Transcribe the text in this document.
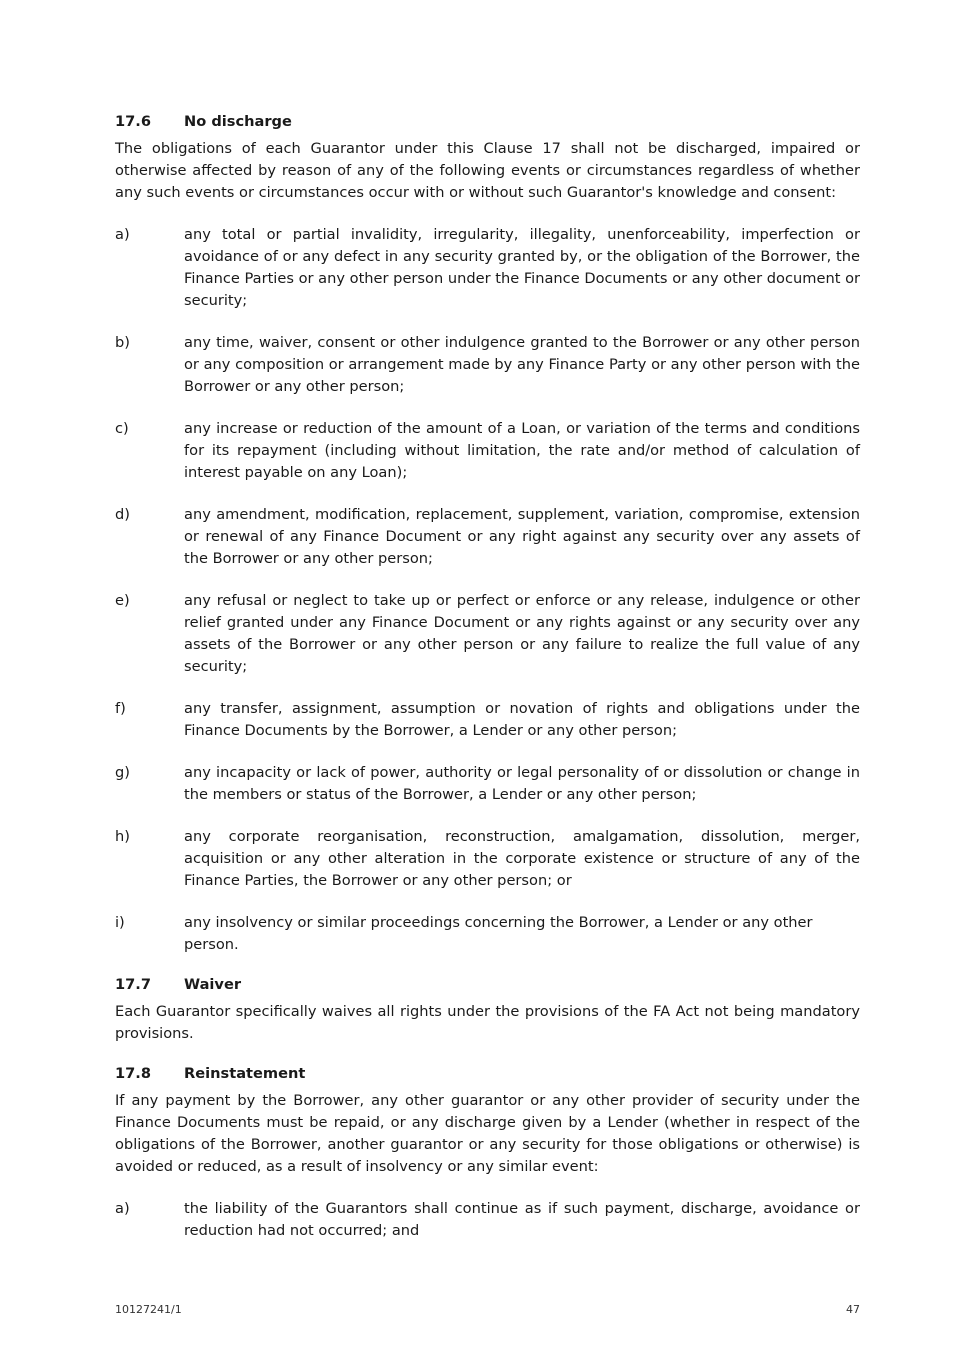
17.6	No discharge

The obligations of each Guarantor under this Clause 17 shall not be discharged, impaired or otherwise affected by reason of any of the following events or circumstances regardless of whether any such events or circumstances occur with or without such Guarantor's knowledge and consent:

a)	any total or partial invalidity, irregularity, illegality, unenforceability, imperfection or avoidance of or any defect in any security granted by, or the obligation of the Borrower, the Finance Parties or any other person under the Finance Documents or any other document or security;
b)	any time, waiver, consent or other indulgence granted to the Borrower or any other person or any composition or arrangement made by any Finance Party or any other person with the Borrower or any other person;
c)	any increase or reduction of the amount of a Loan, or variation of the terms and conditions for its repayment (including without limitation, the rate and/or method of calculation of interest payable on any Loan);
d)	any amendment, modification, replacement, supplement, variation, compromise, extension or renewal of any Finance Document or any right against any security over any assets of the Borrower or any other person;
e)	any refusal or neglect to take up or perfect or enforce or any release, indulgence or other relief granted under any Finance Document or any rights against or any security over any assets of the Borrower or any other person or any failure to realize the full value of any security;
f)	any transfer, assignment, assumption or novation of rights and obligations under the Finance Documents by the Borrower, a Lender or any other person;
g)	any incapacity or lack of power, authority or legal personality of or dissolution or change in the members or status of the Borrower, a Lender or any other person;
h)	any corporate reorganisation, reconstruction, amalgamation, dissolution, merger, acquisition or any other alteration in the corporate existence or structure of any of the Finance Parties, the Borrower or any other person; or
i)	any insolvency or similar proceedings concerning the Borrower, a Lender or any other person.
17.7	Waiver

Each Guarantor specifically waives all rights under the provisions of the FA Act not being mandatory provisions.

17.8	Reinstatement

If any payment by the Borrower, any other guarantor or any other provider of security under the Finance Documents must be repaid, or any discharge given by a Lender (whether in respect of the obligations of the Borrower, another guarantor or any security for those obligations or otherwise) is avoided or reduced, as a result of insolvency or any similar event:

a)	the liability of the Guarantors shall continue as if such payment, discharge, avoidance or reduction had not occurred; and
10127241/1	47
